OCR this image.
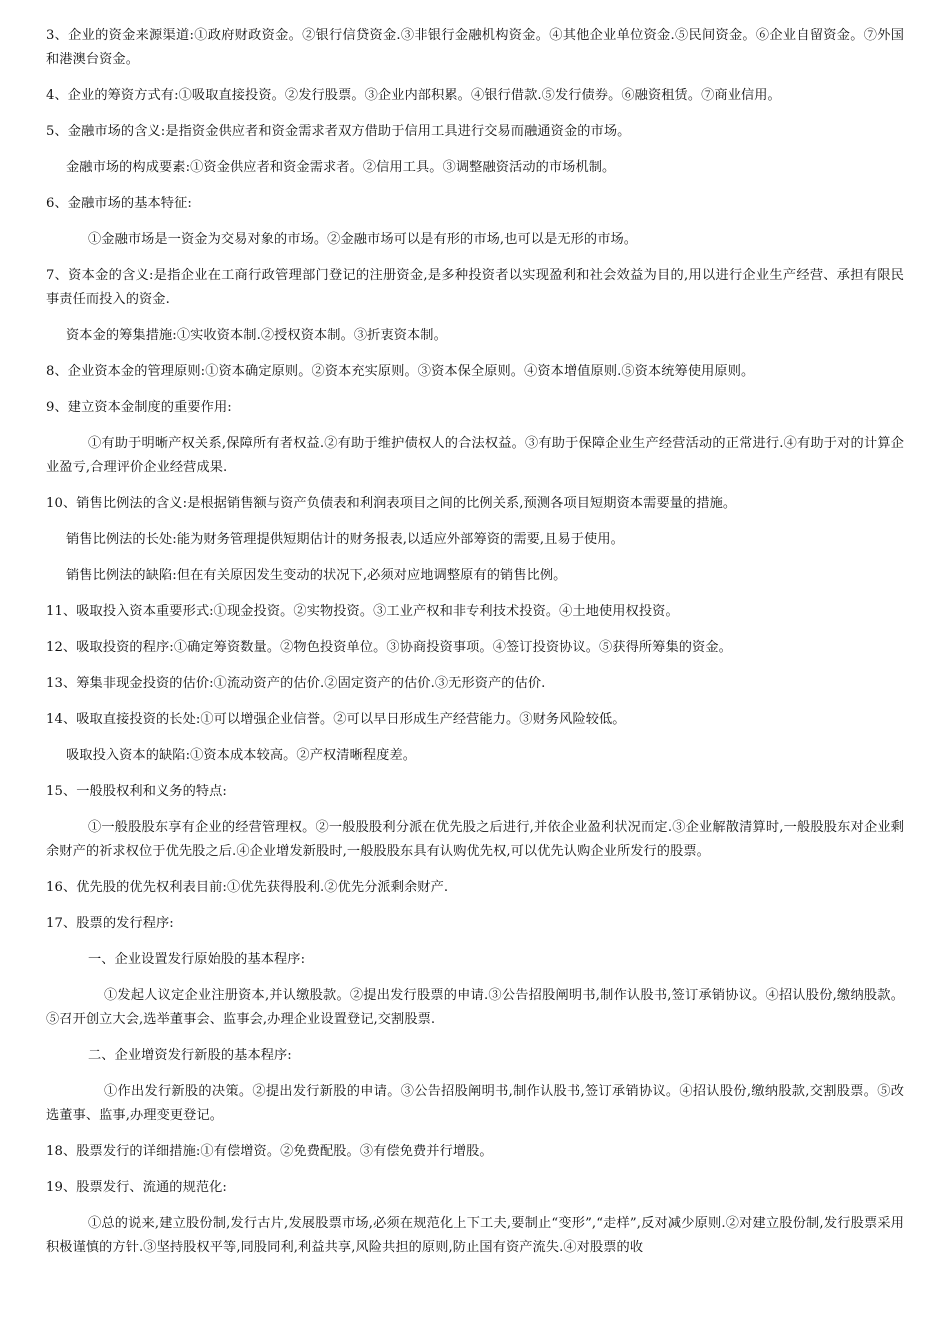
3、企业的资金来源渠道:①政府财政资金。②银行信贷资金.③非银行金融机构资金。④其他企业单位资金.⑤民间资金。⑥企业自留资金。⑦外国和港澳台资金。

4、企业的筹资方式有:①吸取直接投资。②发行股票。③企业内部积累。④银行借款.⑤发行债券。⑥融资租赁。⑦商业信用。

5、金融市场的含义:是指资金供应者和资金需求者双方借助于信用工具进行交易而融通资金的市场。

金融市场的构成要素:①资金供应者和资金需求者。②信用工具。③调整融资活动的市场机制。

6、金融市场的基本特征:

①金融市场是一资金为交易对象的市场。②金融市场可以是有形的市场,也可以是无形的市场。

7、资本金的含义:是指企业在工商行政管理部门登记的注册资金,是多种投资者以实现盈利和社会效益为目的,用以进行企业生产经营、承担有限民事责任而投入的资金.

资本金的筹集措施:①实收资本制.②授权资本制。③折衷资本制。

8、企业资本金的管理原则:①资本确定原则。②资本充实原则。③资本保全原则。④资本增值原则.⑤资本统筹使用原则。

9、建立资本金制度的重要作用:

①有助于明晰产权关系,保障所有者权益.②有助于维护债权人的合法权益。③有助于保障企业生产经营活动的正常进行.④有助于对的计算企业盈亏,合理评价企业经营成果.

10、销售比例法的含义:是根据销售额与资产负债表和利润表项目之间的比例关系,预测各项目短期资本需要量的措施。

销售比例法的长处:能为财务管理提供短期估计的财务报表,以适应外部筹资的需要,且易于使用。

销售比例法的缺陷:但在有关原因发生变动的状况下,必须对应地调整原有的销售比例。

11、吸取投入资本重要形式:①现金投资。②实物投资。③工业产权和非专利技术投资。④土地使用权投资。

12、吸取投资的程序:①确定筹资数量。②物色投资单位。③协商投资事项。④签订投资协议。⑤获得所筹集的资金。

13、筹集非现金投资的估价:①流动资产的估价.②固定资产的估价.③无形资产的估价.

14、吸取直接投资的长处:①可以增强企业信誉。②可以早日形成生产经营能力。③财务风险较低。

吸取投入资本的缺陷:①资本成本较高。②产权清晰程度差。

15、一般股权利和义务的特点:

①一般股股东享有企业的经营管理权。②一般股股利分派在优先股之后进行,并依企业盈利状况而定.③企业解散清算时,一般股股东对企业剩余财产的祈求权位于优先股之后.④企业增发新股时,一般股股东具有认购优先权,可以优先认购企业所发行的股票。

16、优先股的优先权利表目前:①优先获得股利.②优先分派剩余财产.

17、股票的发行程序:

一、企业设置发行原始股的基本程序:

①发起人议定企业注册资本,并认缴股款。②提出发行股票的申请.③公告招股阐明书,制作认股书,签订承销协议。④招认股份,缴纳股款。⑤召开创立大会,选举董事会、监事会,办理企业设置登记,交割股票.

二、企业增资发行新股的基本程序:

①作出发行新股的决策。②提出发行新股的申请。③公告招股阐明书,制作认股书,签订承销协议。④招认股份,缴纳股款,交割股票。⑤改选董事、监事,办理变更登记。

18、股票发行的详细措施:①有偿增资。②免费配股。③有偿免费并行增股。

19、股票发行、流通的规范化:

①总的说来,建立股份制,发行古片,发展股票市场,必须在规范化上下工夫,要制止“变形”,“走样”,反对减少原则.②对建立股份制,发行股票采用积极谨慎的方针.③坚持股权平等,同股同利,利益共享,风险共担的原则,防止国有资产流失.④对股票的收
